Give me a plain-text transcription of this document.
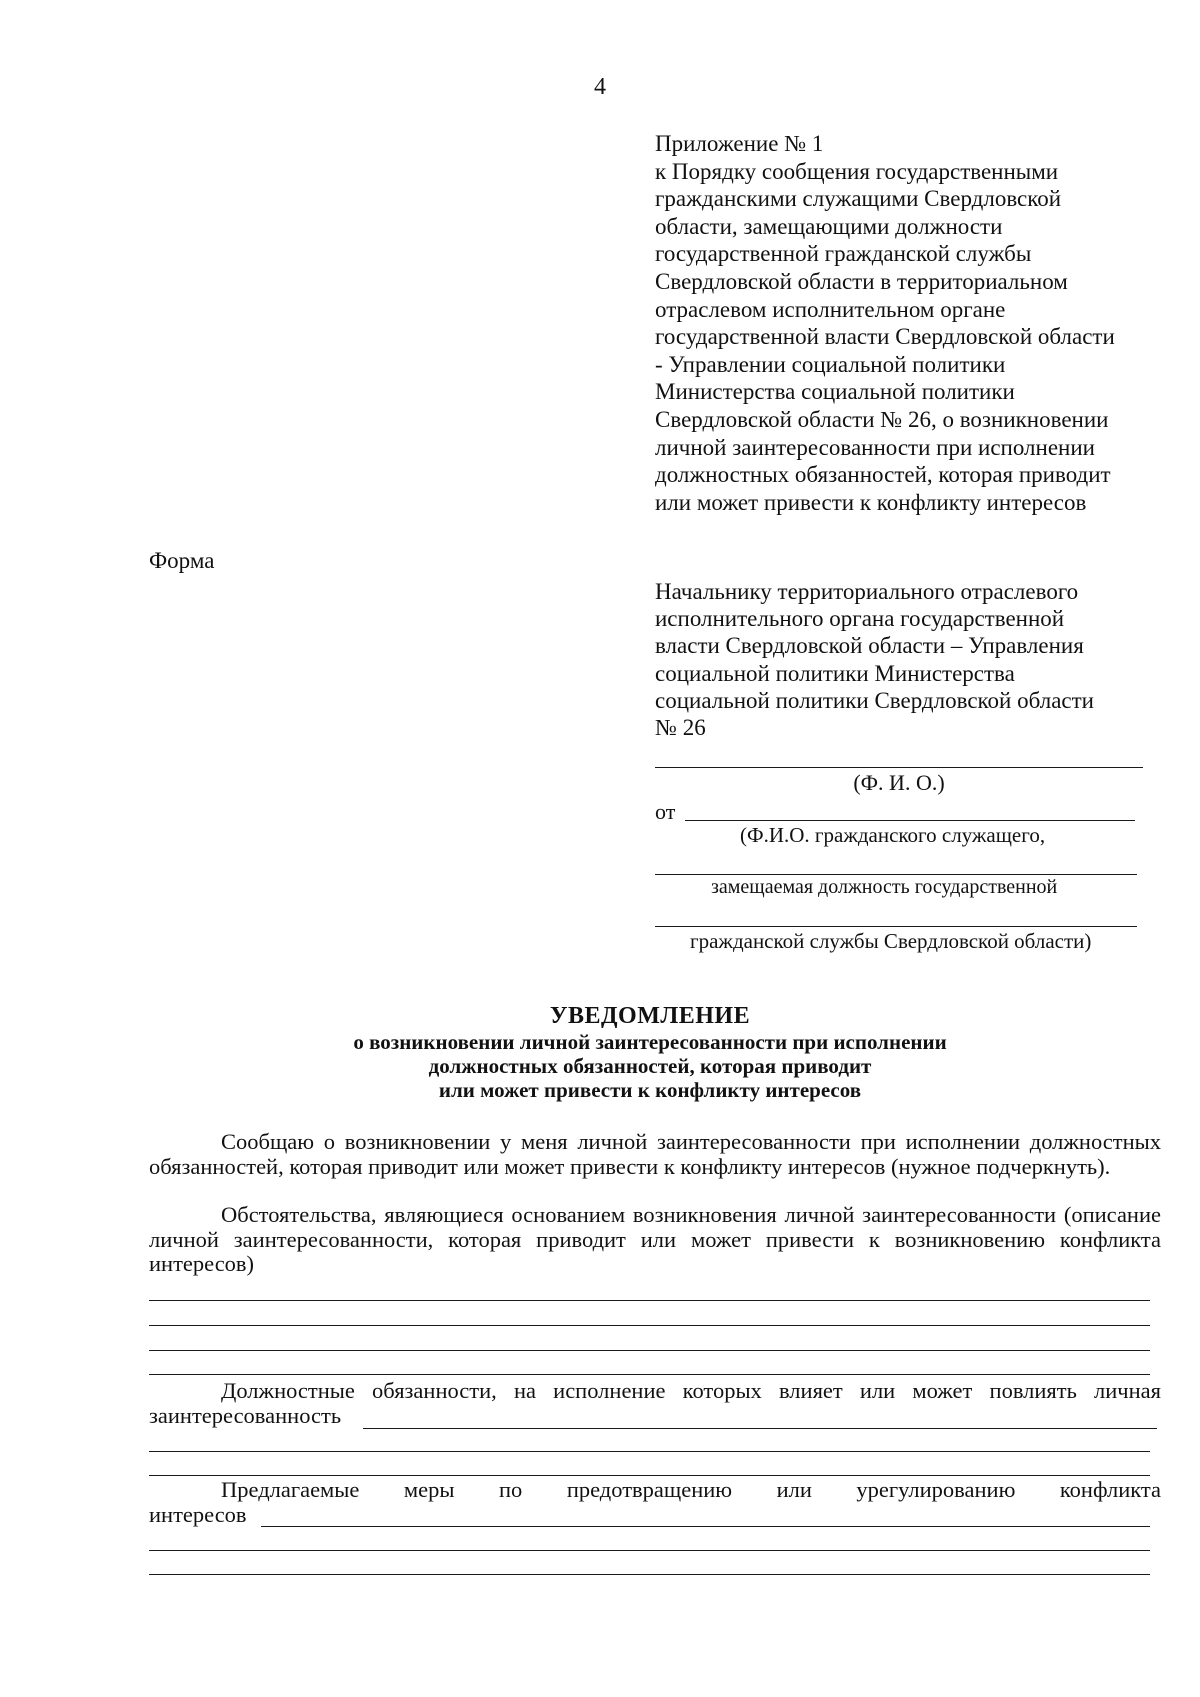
4
Приложение № 1
к Порядку сообщения государственными
гражданскими служащими Свердловской
области, замещающими должности
государственной гражданской службы
Свердловской области в территориальном
отраслевом исполнительном органе
государственной власти Свердловской области
- Управлении социальной политики
Министерства социальной политики
Свердловской области № 26, о возникновении
личной заинтересованности при исполнении
должностных обязанностей, которая приводит
или может привести к конфликту интересов
Форма
Начальнику территориального отраслевого
исполнительного органа государственной
власти Свердловской области – Управления
социальной политики Министерства
социальной политики Свердловской области
№ 26
(Ф. И. О.)
от
(Ф.И.О. гражданского служащего,
замещаемая должность государственной
гражданской службы Свердловской области)
УВЕДОМЛЕНИЕ
о возникновении личной заинтересованности при исполнении
должностных обязанностей, которая приводит
или может привести к конфликту интересов
Сообщаю о возникновении у меня личной заинтересованности при исполнении должностных обязанностей, которая приводит или может привести к конфликту интересов (нужное подчеркнуть).
Обстоятельства, являющиеся основанием возникновения личной заинтересованности (описание личной заинтересованности, которая приводит или может привести к возникновению конфликта интересов)
Должностные обязанности, на исполнение которых влияет или может повлиять личная
заинтересованность
Предлагаемые меры по предотвращению или урегулированию конфликта
интересов
